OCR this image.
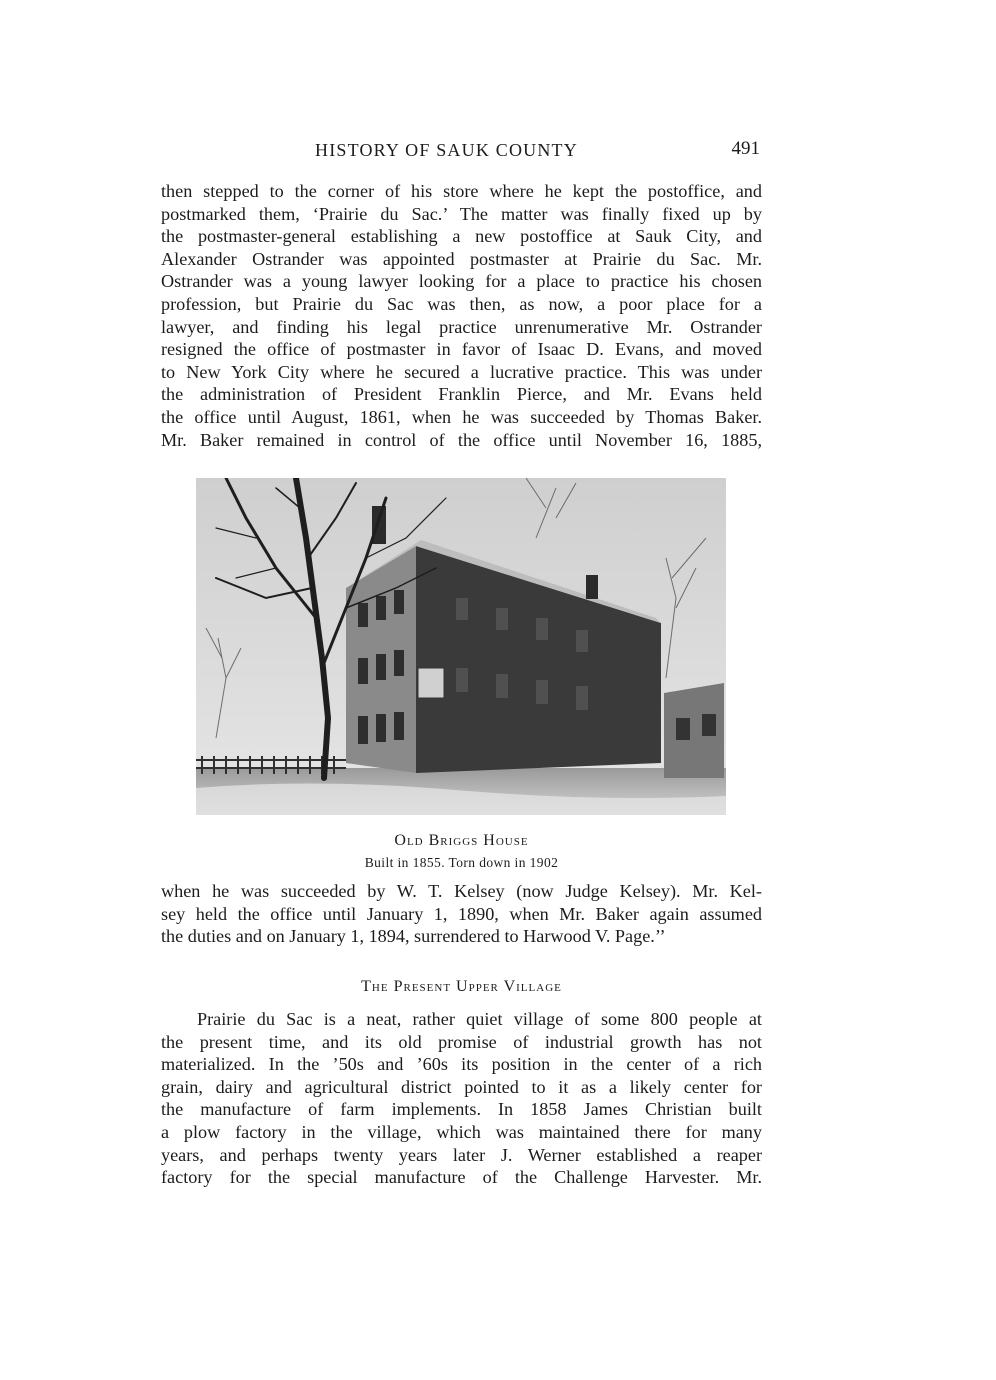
HISTORY OF SAUK COUNTY	491
then stepped to the corner of his store where he kept the postoffice, and
postmarked them, ‘Prairie du Sac.’ The matter was finally fixed up by
the postmaster-general establishing a new postoffice at Sauk City, and
Alexander Ostrander was appointed postmaster at Prairie du Sac. Mr.
Ostrander was a young lawyer looking for a place to practice his chosen
profession, but Prairie du Sac was then, as now, a poor place for a
lawyer, and finding his legal practice unrenumerative Mr. Ostrander
resigned the office of postmaster in favor of Isaac D. Evans, and moved
to New York City where he secured a lucrative practice. This was under
the administration of President Franklin Pierce, and Mr. Evans held
the office until August, 1861, when he was succeeded by Thomas Baker.
Mr. Baker remained in control of the office until November 16, 1885,
Old Briggs House
Built in 1855. Torn down in 1902
when he was succeeded by W. T. Kelsey (now Judge Kelsey). Mr. Kel-
sey held the office until January 1, 1890, when Mr. Baker again assumed
the duties and on January 1, 1894, surrendered to Harwood V. Page.’’
The Present Upper Village
Prairie du Sac is a neat, rather quiet village of some 800 people at
the present time, and its old promise of industrial growth has not
materialized. In the ’50s and ’60s its position in the center of a rich
grain, dairy and agricultural district pointed to it as a likely center for
the manufacture of farm implements. In 1858 James Christian built
a plow factory in the village, which was maintained there for many
years, and perhaps twenty years later J. Werner established a reaper
factory for the special manufacture of the Challenge Harvester. Mr.
